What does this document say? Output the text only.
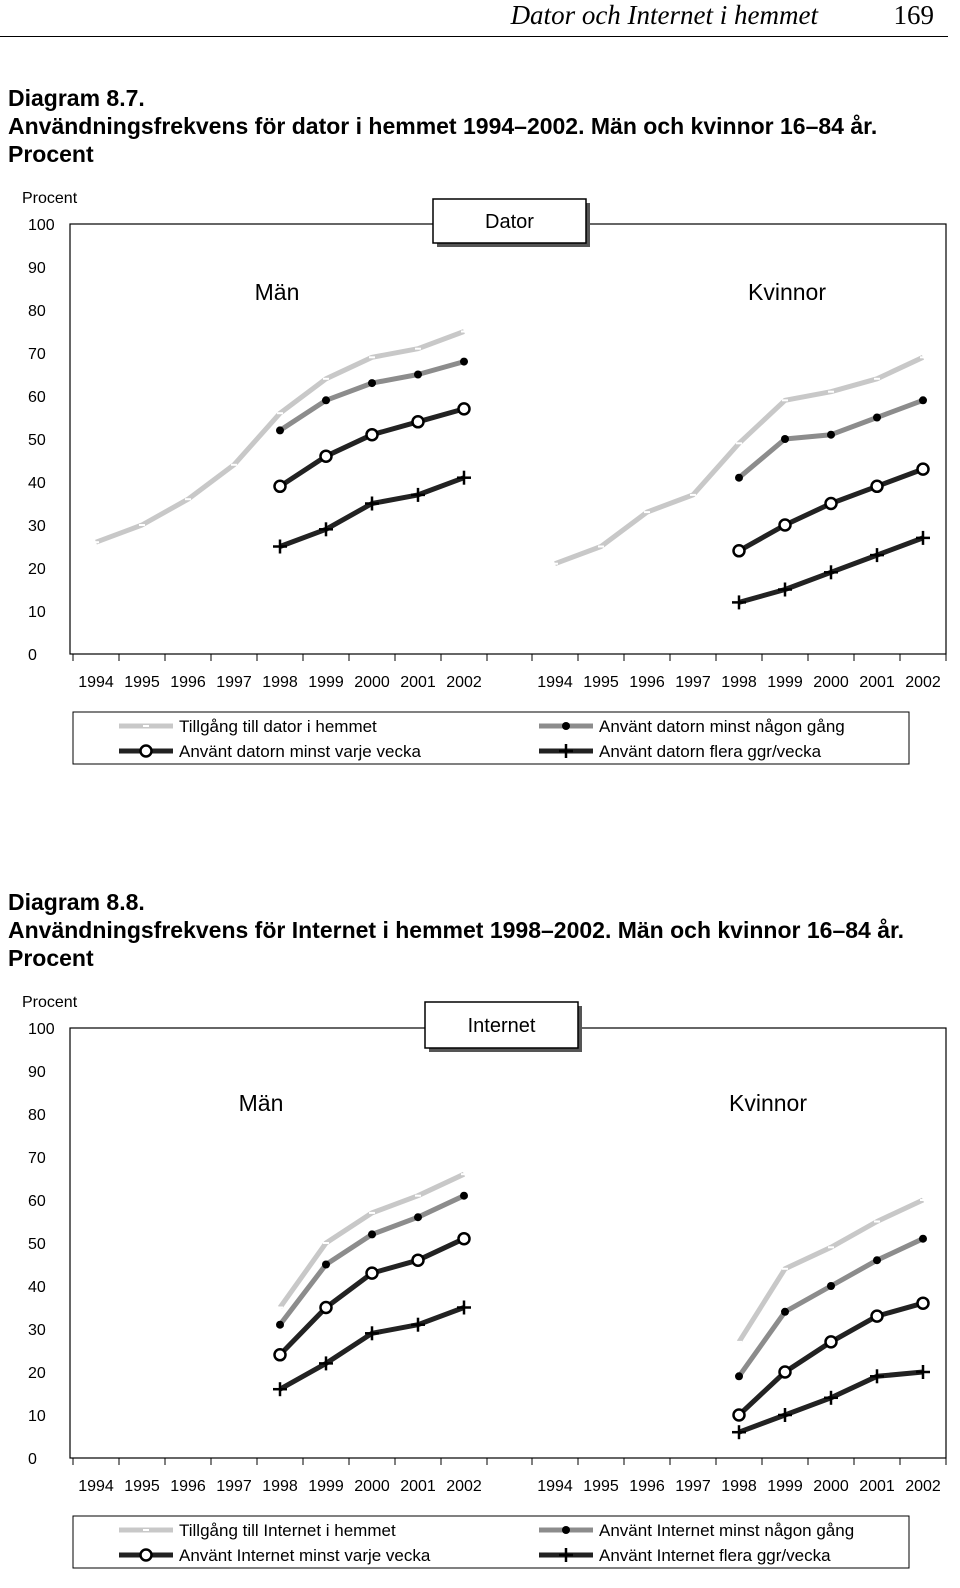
Dator och Internet i hemmet	169
Diagram 8.7.
Användningsfrekvens för dator i hemmet 1994–2002. Män och kvinnor 16–84 år. Procent
Procent
0
10
20
30
40
50
60
70
80
90
100	Dator
Män
1994 1995 1996 1997 1998 1999 2000 2001 2002
Kvinnor
1994 1995 1996 1997 1998 1999 2000 2001 2002
Tillgång till dator i hemmet	Använt datorn minst någon gång
Använt datorn minst varje vecka	Använt datorn flera ggr/vecka
Diagram 8.8.
Användningsfrekvens för Internet i hemmet 1998–2002. Män och kvinnor 16–84 år. Procent
Procent
0
10
20
30
40
50
60
70
80
90
100	Internet
Män
1994 1995 1996 1997 1998 1999 2000 2001 2002
Kvinnor
1994 1995 1996 1997 1998 1999 2000 2001 2002
Tillgång till Internet i hemmet	Använt Internet minst någon gång
Använt Internet minst varje vecka	Använt Internet flera ggr/vecka
